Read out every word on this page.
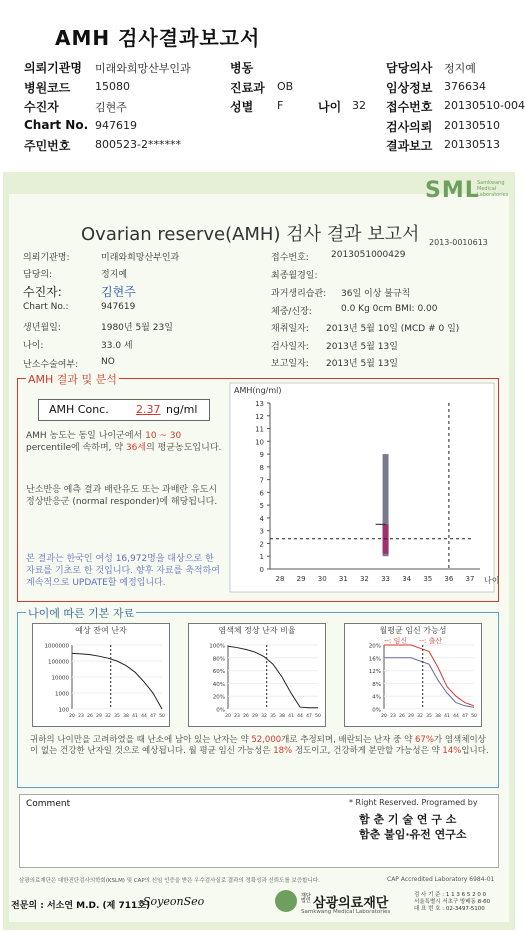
AMH 검사결과보고서
의뢰기관명 미래와희망산부인과	병동	담당의사 정지예
병원코드 15080	진료과 OB	임상정보 376634
수진자	김현주	성별 F	나이 32 접수번호 20130510-004
Chart No. 947619	검사의뢰 20130510
주민번호 800523-2******	결과보고 20130513
SML
Samkwang
Medical
Laboratories
Ovarian reserve(AMH) 검사 결과 보고서 2013-0010613
의뢰기관명:	미래와희망산부인과
담당의:	정지예
수진자:	김현주
Chart No.:	947619
생년월일:	1980년 5월 23일
나이:	33.0 세
난소수술여부:	NO
접수번호: 2013051000429
최종월경일:
과거생리습관: 36일 이상 불규칙
체중/신장:	0.0 Kg 0cm BMI: 0.00
채취일자: 2013년 5월 10일 (MCD # 0 일)
검사일자: 2013년 5월 13일
보고일자: 2013년 5월 13일
AMH 결과 및 분석
AMH Conc. 2.37 ng/ml
AMH 농도는 동일 나이군에서 10 ~ 30 percentile에 속하며, 약 36세의 평균농도입니다.
난소반응 예측 결과 배란유도 또는 과배란 유도시 정상반응군 (normal responder)에 해당됩니다.
본 결과는 한국인 여성 16,972명을 대상으로 한 자료를 기초로 한 것입니다. 향후 자료를 축적하여 계속적으로 UPDATE할 예정입니다.
AMH(ng/ml)
0
1
2
3
4
5
6
7
8
9
10
11
12
13
28 29 30 31 32 33 34 35 36 37 나이
나이에 따른 기본 자료
예상 잔여 난자
1000000
100000
10000
1000
100
20 23 26 29 32 35 38 41 44 47 50
염색체 정상 난자 비율
100%
80%
60%
40%
20%
0%
20 23 26 29 32 35 38 41 44 47 50
월평균 임신 가능성
--: 임신 --: 출산
20%
16%
12%
8%
4%
0%
20 23 26 29 32 35 38 41 44 47 50
귀하의 나이만을 고려하였을 때 난소에 남아 있는 난자는 약 52,000개로 추정되며, 배란되는 난자 중 약 67%가 염색체이상이 없는 건강한 난자일 것으로 예상됩니다. 월 평균 임신 가능성은 18% 정도이고, 건강하게 분만할 가능성은 약 14%입니다.
Comment	* Right Reserved. Programed by
함 춘 기 술 연 구 소
함춘 불임·유전 연구소
삼광의료재단은 대한진단검사의학회(KSLM) 및 CAP의 신임 인증을 받은 우수검사실로 결과의 정확성과 신뢰도를 보증합니다.	CAP Accredited Laboratory 6984-01
전문의 : 서소연 M.D. (제 711호)
SoyeonSeo	재단법인 삼광의료재단
Samkwang Medical Laboratories
검 사 기 준 : 1 1 3 6 5 2 0 0
서울특별시 서초구 방배동 8-60
대 표 번 호 : 02-3497-5100
